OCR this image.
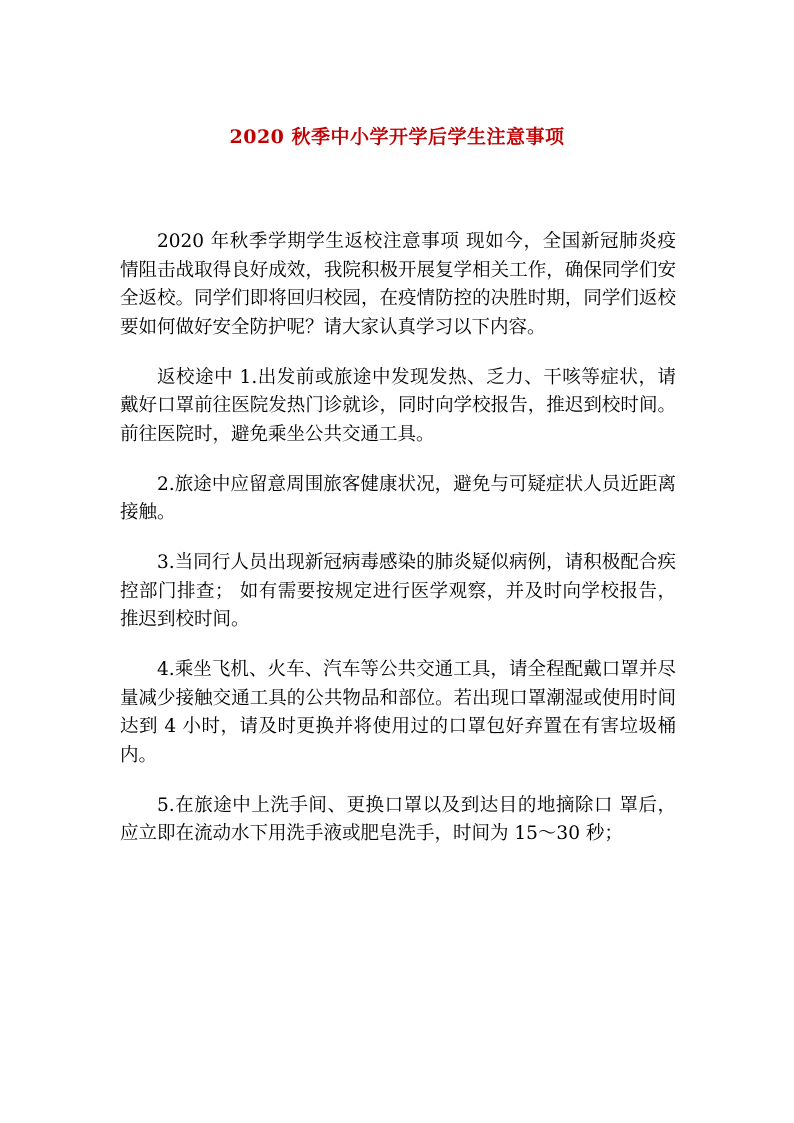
2020 秋季中小学开学后学生注意事项

2020 年秋季学期学生返校注意事项 现如今，全国新冠肺炎疫情阻击战取得良好成效，我院积极开展复学相关工作，确保同学们安全返校。同学们即将回归校园，在疫情防控的决胜时期，同学们返校要如何做好安全防护呢？请大家认真学习以下内容。

返校途中 1.出发前或旅途中发现发热、乏力、干咳等症状，请戴好口罩前往医院发热门诊就诊，同时向学校报告，推迟到校时间。前往医院时，避免乘坐公共交通工具。

2.旅途中应留意周围旅客健康状况，避免与可疑症状人员近距离接触。

3.当同行人员出现新冠病毒感染的肺炎疑似病例，请积极配合疾控部门排查； 如有需要按规定进行医学观察，并及时向学校报告，推迟到校时间。

4.乘坐飞机、火车、汽车等公共交通工具，请全程配戴口罩并尽量减少接触交通工具的公共物品和部位。若出现口罩潮湿或使用时间达到 4 小时，请及时更换并将使用过的口罩包好弃置在有害垃圾桶内。

5.在旅途中上洗手间、更换口罩以及到达目的地摘除口 罩后，应立即在流动水下用洗手液或肥皂洗手，时间为 15～30 秒；
